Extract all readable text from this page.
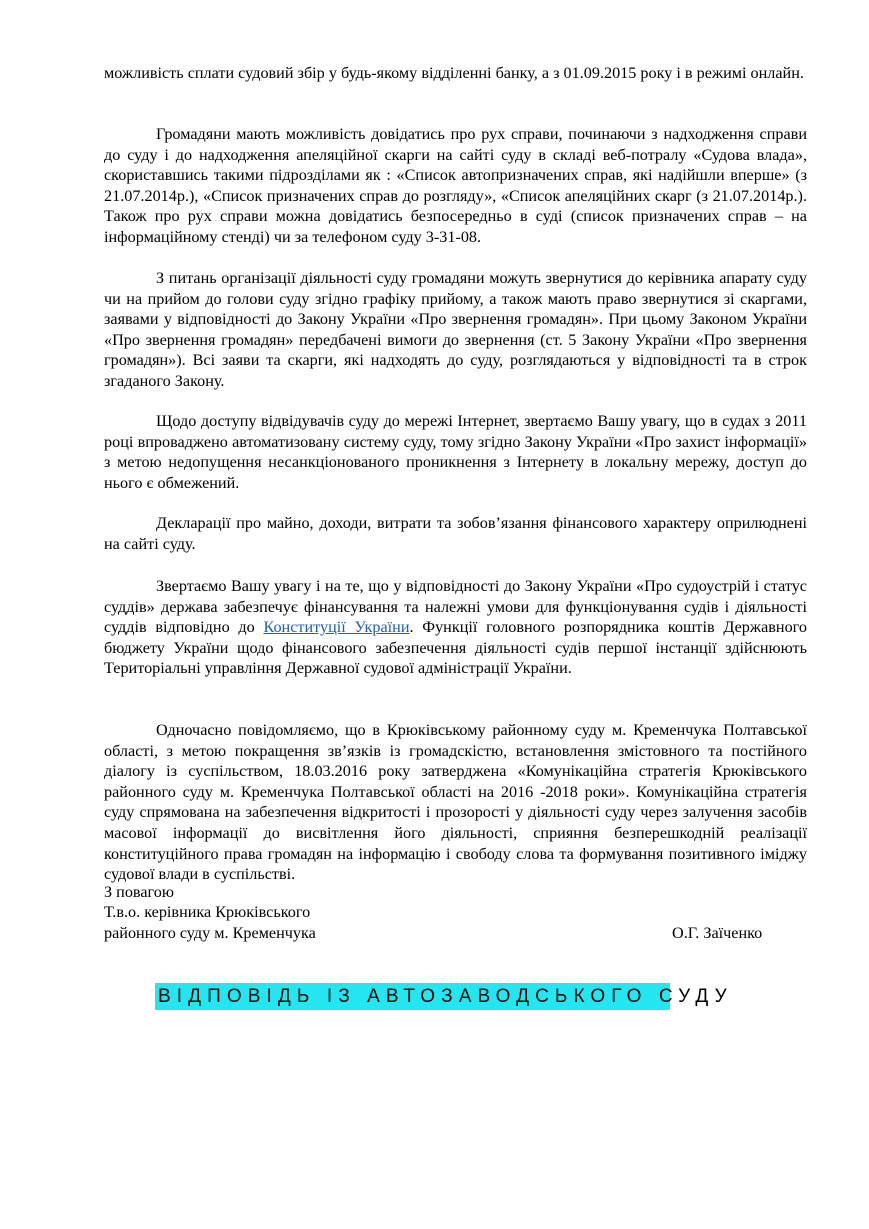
можливість сплати судовий збір у будь-якому відділенні банку, а з 01.09.2015 року і в режимі онлайн.

Громадяни мають можливість довідатись про рух справи, починаючи з надходження справи до суду і до надходження апеляційної скарги на сайті суду в складі веб-потралу «Судова влада», скориставшись такими підрозділами як : «Список автопризначених справ, які надійшли вперше» (з 21.07.2014р.), «Список призначених справ до розгляду», «Список апеляційних скарг (з 21.07.2014р.). Також про рух справи можна довідатись безпосередньо в суді (список призначених справ – на інформаційному стенді) чи за телефоном суду 3-31-08.

З питань організації діяльності суду громадяни можуть звернутися до керівника апарату суду чи на прийом до голови суду згідно графіку прийому, а також мають право звернутися зі скаргами, заявами у відповідності до Закону України «Про звернення громадян». При цьому Законом України «Про звернення громадян» передбачені вимоги до звернення (ст. 5 Закону України «Про звернення громадян»). Всі заяви та скарги, які надходять до суду, розглядаються у відповідності та в строк згаданого Закону.

Щодо доступу відвідувачів суду до мережі Інтернет, звертаємо Вашу увагу, що в судах з 2011 році впроваджено автоматизовану систему суду, тому згідно Закону України «Про захист інформації» з метою недопущення несанкціонованого проникнення з Інтернету в локальну мережу, доступ до нього є обмежений.

Декларації про майно, доходи, витрати та зобов’язання фінансового характеру оприлюднені на сайті суду.

Звертаємо Вашу увагу і на те, що у відповідності до Закону України «Про судоустрій і статус суддів» держава забезпечує фінансування та належні умови для функціонування судів і діяльності суддів відповідно до Конституції України. Функції головного розпорядника коштів Державного бюджету України щодо фінансового забезпечення діяльності судів першої інстанції здійснюють Територіальні управління Державної судової адміністрації України.

Одночасно повідомляємо, що в Крюківському районному суду м. Кременчука Полтавської області, з метою покращення зв’язків із громадскістю, встановлення змістовного та постійного діалогу із суспільством, 18.03.2016 року затверджена «Комунікаційна стратегія Крюківського районного суду м. Кременчука Полтавської області на 2016 -2018 роки». Комунікаційна стратегія суду спрямована на забезпечення відкритості і прозорості у діяльності суду через залучення засобів масової інформації до висвітлення його діяльності, сприяння безперешкодній реалізації конституційного права громадян на інформацію і свободу слова та формування позитивного іміджу судової влади в суспільстві.

З повагою

Т.в.о. керівника Крюківського

районного суду м. Кременчука	О.Г. Заїченко

ВІДПОВІДЬ ІЗ АВТОЗАВОДСЬКОГО СУДУ
